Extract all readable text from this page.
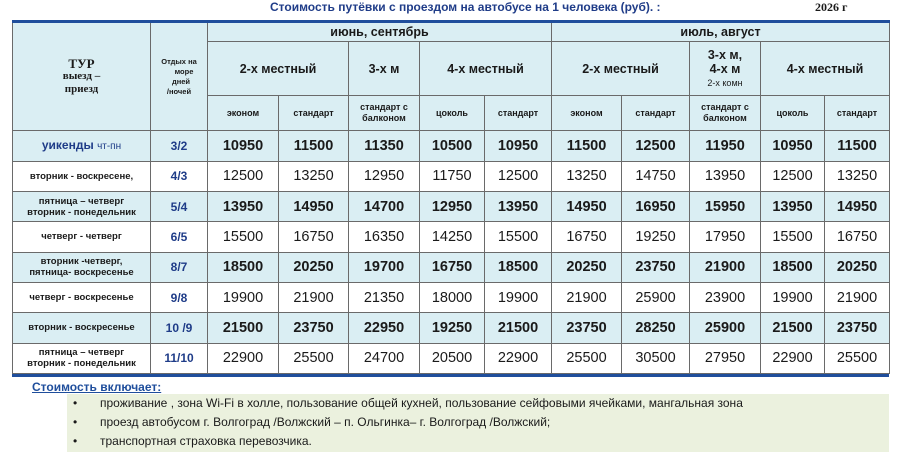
Стоимость путёвки с проездом на автобусе на 1 человека (руб). :	2026 г
ТУР
выезд –
приезд	Отдых на
море
дней
/ночей	июнь, сентябрь					июль, август				
		2-х местный		3-х м	4-х местный		2-х местный		3-х м,
4-х м
2-х комн	4-х местный	
		эконом	стандарт	стандарт с балконом	цоколь	стандарт	эконом	стандарт	стандарт с балконом	цоколь	стандарт
уикенды чт-пн	3/2	10950	11500	11350	10500	10950	11500	12500	11950	10950	11500

вторник - воскресене,	4/3	12500	13250	12950	11750	12500	13250	14750	13950	12500	13250

пятница – четверг
вторник - понедельник	5/4	13950	14950	14700	12950	13950	14950	16950	15950	13950	14950

четверг - четверг	6/5	15500	16750	16350	14250	15500	16750	19250	17950	15500	16750

вторник -четверг,
пятница- воскресенье	8/7	18500	20250	19700	16750	18500	20250	23750	21900	18500	20250

четверг - воскресенье	9/8	19900	21900	21350	18000	19900	21900	25900	23900	19900	21900

вторник - воскресенье	10 /9	21500	23750	22950	19250	21500	23750	28250	25900	21500	23750

пятница – четверг
вторник - понедельник	11/10	22900	25500	24700	20500	22900	25500	30500	27950	22900	25500
Стоимость включает:
• проживание , зона Wi-Fi в холле, пользование общей кухней, пользование сейфовыми ячейками, мангальная зона
• проезд автобусом г. Волгоград /Волжский – п. Ольгинка– г. Волгоград /Волжский;
• транспортная страховка перевозчика.
